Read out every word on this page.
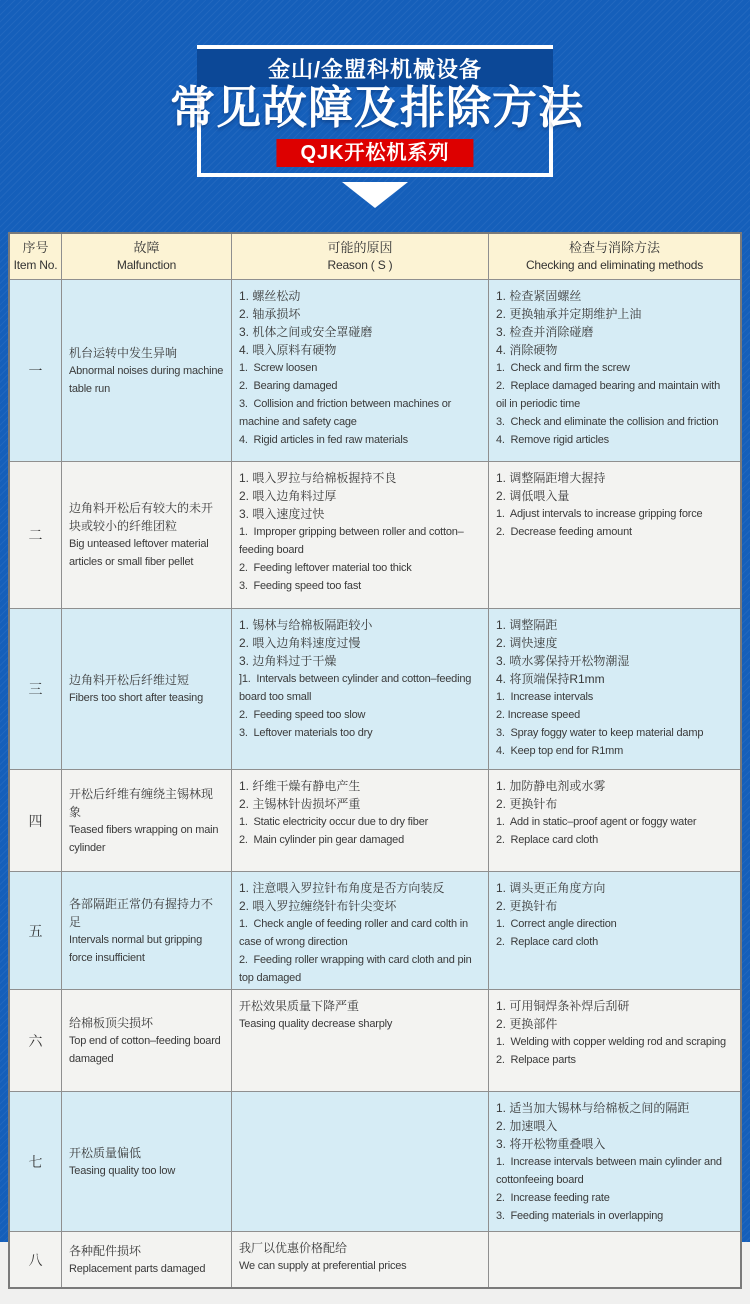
金山/金盟科机械设备
常见故障及排除方法
QJK开松机系列
序号
Item No.
故障
Malfunction
可能的原因
Reason ( S )
检查与消除方法
Checking and eliminating methods
一
机台运转中发生异响
Abnormal noises during machine table run
1. 螺丝松动
2. 轴承损坏
3. 机体之间或安全罩碰磨
4. 喂入原料有硬物
1.  Screw loosen
2.  Bearing damaged
3.  Collision and friction between machines or machine and safety cage
4.  Rigid articles in fed raw materials
1. 检查紧固螺丝
2. 更换轴承并定期维护上油
3. 检查并消除碰磨
4. 消除硬物
1.  Check and firm the screw
2.  Replace damaged bearing and maintain with oil in periodic time
3.  Check and eliminate the collision and friction
4.  Remove rigid articles
二
边角料开松后有较大的未开块或较小的纤维团粒
Big unteased leftover material articles or small fiber pellet
1. 喂入罗拉与给棉板握持不良
2. 喂入边角料过厚
3. 喂入速度过快
1.  Improper gripping between roller and cotton–feeding board
2.  Feeding leftover material too thick
3.  Feeding speed too fast
1. 调整隔距增大握持
2. 调低喂入量
1.  Adjust intervals to increase gripping force
2.  Decrease feeding amount
三
边角料开松后纤维过短
Fibers too short after teasing
1. 锡林与给棉板隔距较小
2. 喂入边角料速度过慢
3. 边角料过于干燥
]1.  Intervals between cylinder and cotton–feeding board too small
2.  Feeding speed too slow
3.  Leftover materials too dry
1. 调整隔距
2. 调快速度
3. 喷水雾保持开松物潮湿
4. 将顶端保持R1mm
1.  Increase intervals
2. Increase speed
3.  Spray foggy water to keep material damp
4.  Keep top end for R1mm
四
开松后纤维有缠绕主锡林现象
Teased fibers wrapping on main cylinder
1. 纤维干燥有静电产生
2. 主锡林针齿损坏严重
1.  Static electricity occur due to dry fiber
2.  Main cylinder pin gear damaged
1. 加防静电剂或水雾
2. 更换针布
1.  Add in static–proof agent or foggy water
2.  Replace card cloth
五
各部隔距正常仍有握持力不足
Intervals normal but gripping force insufficient
1. 注意喂入罗拉针布角度是否方向装反
2. 喂入罗拉缠绕针布针尖变坏
1.  Check angle of feeding roller and card colth in case of wrong direction
2.  Feeding roller wrapping with card cloth and pin top damaged
1. 调头更正角度方向
2. 更换针布
1.  Correct angle direction
2.  Replace card cloth
六
给棉板顶尖损坏
Top end of cotton–feeding board damaged
开松效果质量下降严重
Teasing quality decrease sharply
1. 可用铜焊条补焊后刮研
2. 更换部件
1.  Welding with copper welding rod and scraping
2.  Relpace parts
七
开松质量偏低
Teasing quality too low
1. 适当加大锡林与给棉板之间的隔距
2. 加速喂入
3. 将开松物重叠喂入
1.  Increase intervals between main cylinder and cottonfeeing board
2.  Increase feeding rate
3.  Feeding materials in overlapping
八
各种配件损坏
Replacement parts damaged
我厂以优惠价格配给
We can supply at preferential prices
